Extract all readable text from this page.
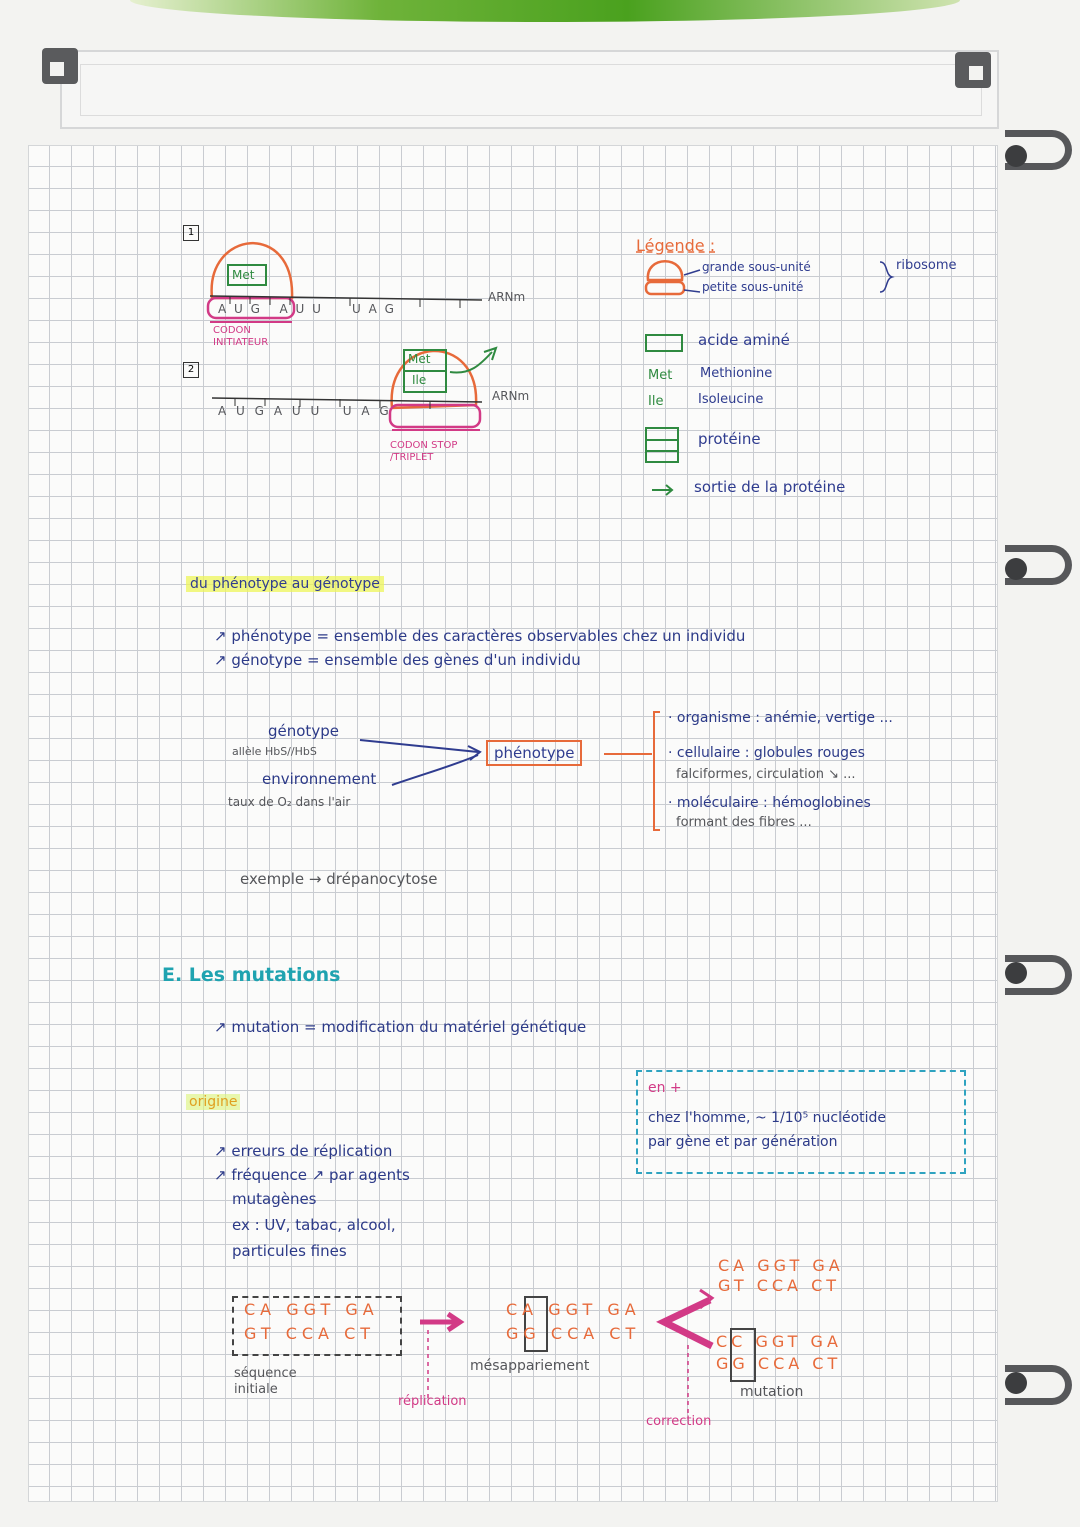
1
2
Met
Met
Ile
ARNm
ARNm
A U G A U U U A G
A U G A U U U A G
CODON
INITIATEUR
CODON STOP
/TRIPLET
Légende :
grande sous-unité
petite sous-unité
ribosome
acide aminé
Met Methionine
Ile	Isoleucine
protéine
sortie de la protéine
du phénotype au génotype
↗ phénotype = ensemble des caractères observables chez un individu
↗ génotype = ensemble des gènes d'un individu
génotype
allèle HbS//HbS
environnement
taux de O₂ dans l'air
phénotype
· organisme : anémie, vertige ...
· cellulaire : globules rouges
falciformes, circulation ↘ ...
· moléculaire : hémoglobines
formant des fibres ...
exemple → drépanocytose
E. Les mutations
↗ mutation = modification du matériel génétique
origine
en +
chez l'homme, ~ 1/10⁵ nucléotide
par gène et par génération
↗ erreurs de réplication
↗ fréquence ↗ par agents
mutagènes
ex : UV, tabac, alcool,
particules fines
CA GGT GA
GT CCA CT
séquence
initiale
réplication
CA GGT GA
GG CCA CT
mésappariement
CA GGT GA
GT CCA CT
CC GGT GA
GG CCA CT
mutation
correction
